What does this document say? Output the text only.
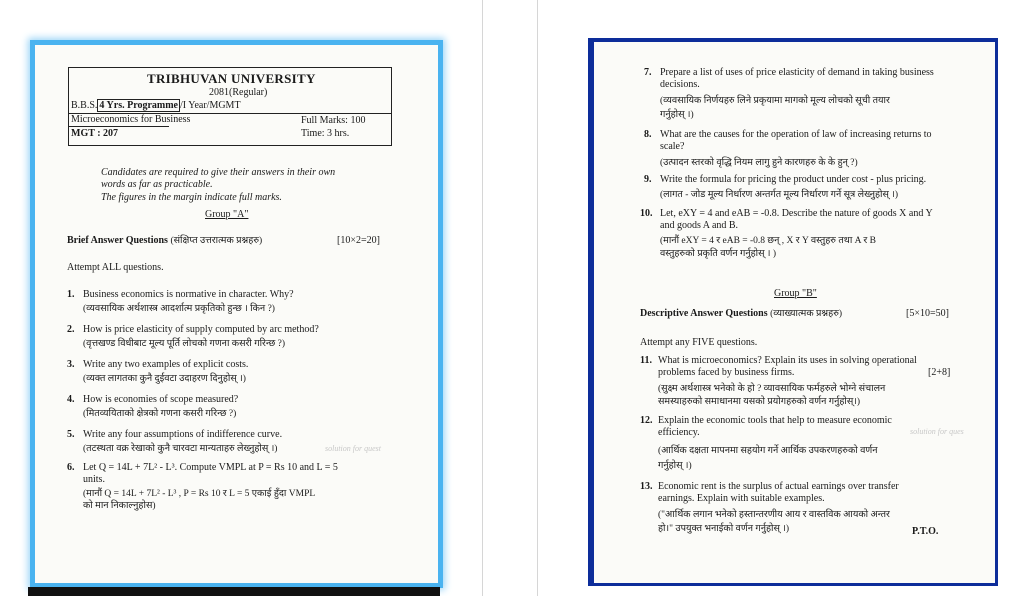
TRIBHUVAN UNIVERSITY
2081(Regular)
B.B.S. 4 Yrs. Programme /I Year/MGMT
Microeconomics for Business	Full Marks: 100
MGT : 207	Time: 3 hrs.
Candidates are required to give their answers in their own
words as far as practicable.
The figures in the margin indicate full marks.
Group "A"
Brief Answer Questions (संक्षिप्त उत्तरात्मक प्रश्नहरु)	[10×2=20]
Attempt ALL questions.
1. Business economics is normative in character. Why?
(व्यवसायिक अर्थशास्त्र आदर्शात्म प्रकृतिको हुन्छ । किन ?)
2. How is price elasticity of supply computed by arc method?
(वृत्तखण्ड विधीबाट मूल्य पूर्ति लोचको गणना कसरी गरिन्छ ?)
3. Write any two examples of explicit costs.
(व्यक्त लागतका कुनै दुईवटा उदाहरण दिनुहोस् ।)
4. How is economies of scope measured?
(मितव्ययिताको क्षेत्रको गणना कसरी गरिन्छ ?)
5. Write any four assumptions of indifference curve.
(तटस्थता वक्र रेखाको कुनै चारवटा मान्यताहरु लेख्नुहोस् ।)	solution for quest
6. Let Q = 14L + 7L² - L³. Compute VMPL at P = Rs 10 and L = 5
units.
(मानौं Q = 14L + 7L² - L³ , P = Rs 10 र L = 5 एकाई हुँदा VMPL
को मान निकाल्नुहोस)
7. Prepare a list of uses of price elasticity of demand in taking business
decisions.
(व्यवसायिक निर्णयहरु लिने प्रकृयामा मागको मूल्य लोचको सूची तयार
गर्नुहोस् ।)
8. What are the causes for the operation of law of increasing returns to
scale?
(उत्पादन स्तरको वृद्धि नियम लागु हुने कारणहरु के के हुन् ?)
9. Write the formula for pricing the product under cost - plus pricing.
(लागत - जोड मूल्य निर्धारण अन्तर्गत मूल्य निर्धारण गर्ने सूत्र लेख्नुहोस् ।)
10. Let, eXY = 4 and eAB = -0.8. Describe the nature of goods X and Y
and goods A and B.
(मानौं eXY = 4 र eAB = -0.8 छन् , X र Y वस्तुहरु तथा A र B
वस्तुहरुको प्रकृति वर्णन गर्नुहोस् । )
Group "B"
Descriptive Answer Questions (व्याख्यात्मक प्रश्नहरु)	[5×10=50]
Attempt any FIVE questions.
11. What is microeconomics? Explain its uses in solving operational
problems faced by business firms.	[2+8]
(सुक्ष्म अर्थशास्त्र भनेको के हो ? व्यावसायिक फर्महरुले भोग्ने संचालन
समस्याहरुको समाधानमा यसको प्रयोगहरुको वर्णन गर्नुहोस्।)
12. Explain the economic tools that help to measure economic
efficiency.	solution for ques
(आर्थिक दक्षता मापनमा सहयोग गर्ने आर्थिक उपकरणहरुको वर्णन
गर्नुहोस् ।)
13. Economic rent is the surplus of actual earnings over transfer
earnings. Explain with suitable examples.
("आर्थिक लगान भनेको हस्तान्तरणीय आय र वास्तविक आयको अन्तर
हो।" उपयुक्त भनाईको वर्णन गर्नुहोस् ।)	P.T.O.
